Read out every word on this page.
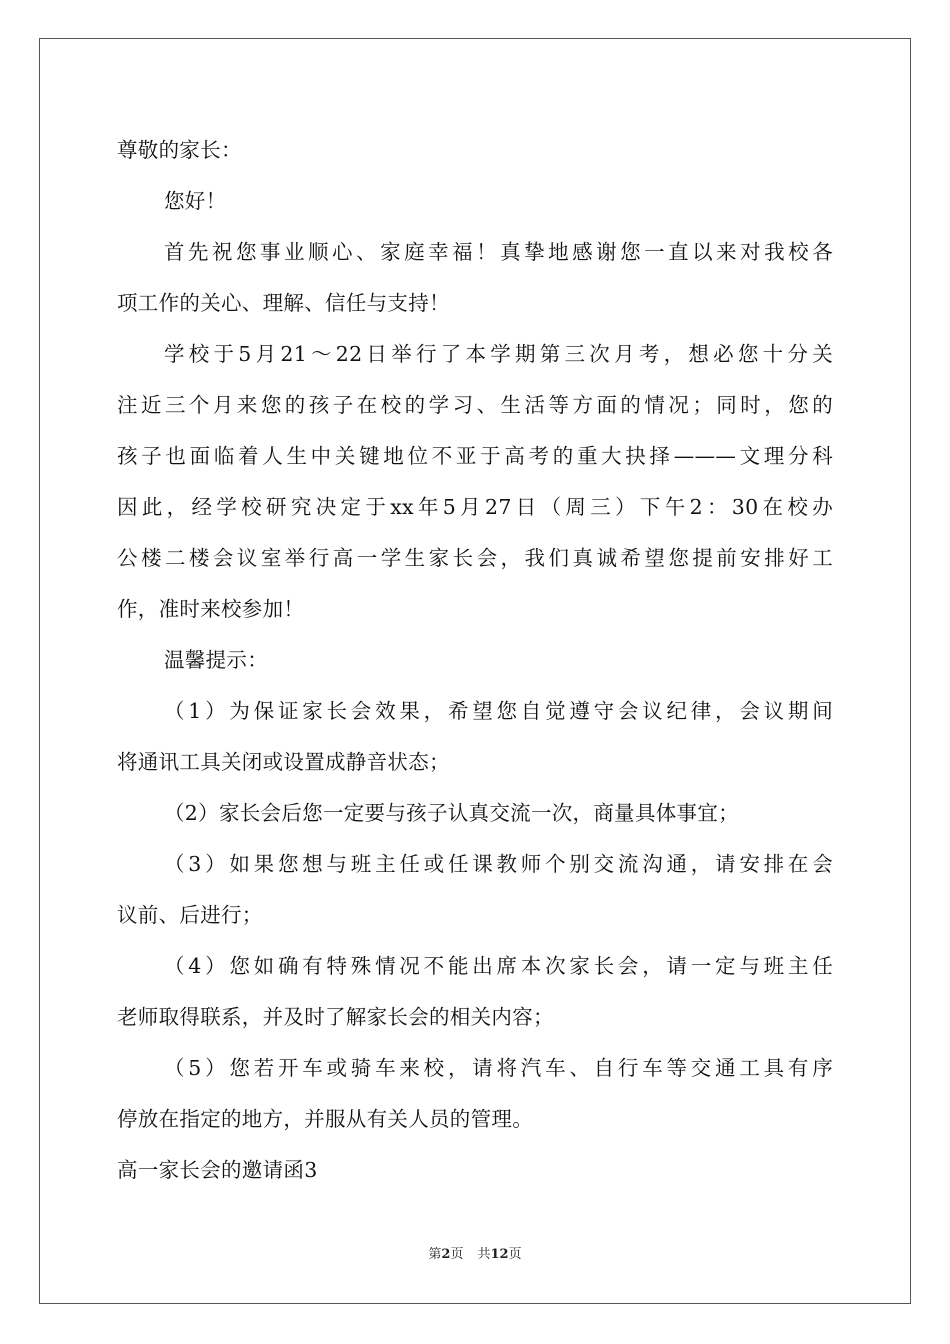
尊敬的家长：
您好！
首先祝您事业顺心、家庭幸福！真挚地感谢您一直以来对我校各
项工作的关心、理解、信任与支持！
学校于5月21～22日举行了本学期第三次月考，想必您十分关
注近三个月来您的孩子在校的学习、生活等方面的情况；同时，您的
孩子也面临着人生中关键地位不亚于高考的重大抉择———文理分科
因此，经学校研究决定于xx年5月27日（周三）下午2：30在校办
公楼二楼会议室举行高一学生家长会，我们真诚希望您提前安排好工
作，准时来校参加！
温馨提示：
（1）为保证家长会效果，希望您自觉遵守会议纪律，会议期间
将通讯工具关闭或设置成静音状态；
（2）家长会后您一定要与孩子认真交流一次，商量具体事宜；
（3）如果您想与班主任或任课教师个别交流沟通，请安排在会
议前、后进行；
（4）您如确有特殊情况不能出席本次家长会，请一定与班主任
老师取得联系，并及时了解家长会的相关内容；
（5）您若开车或骑车来校，请将汽车、自行车等交通工具有序
停放在指定的地方，并服从有关人员的管理。
高一家长会的邀请函3
第2页 共12页
